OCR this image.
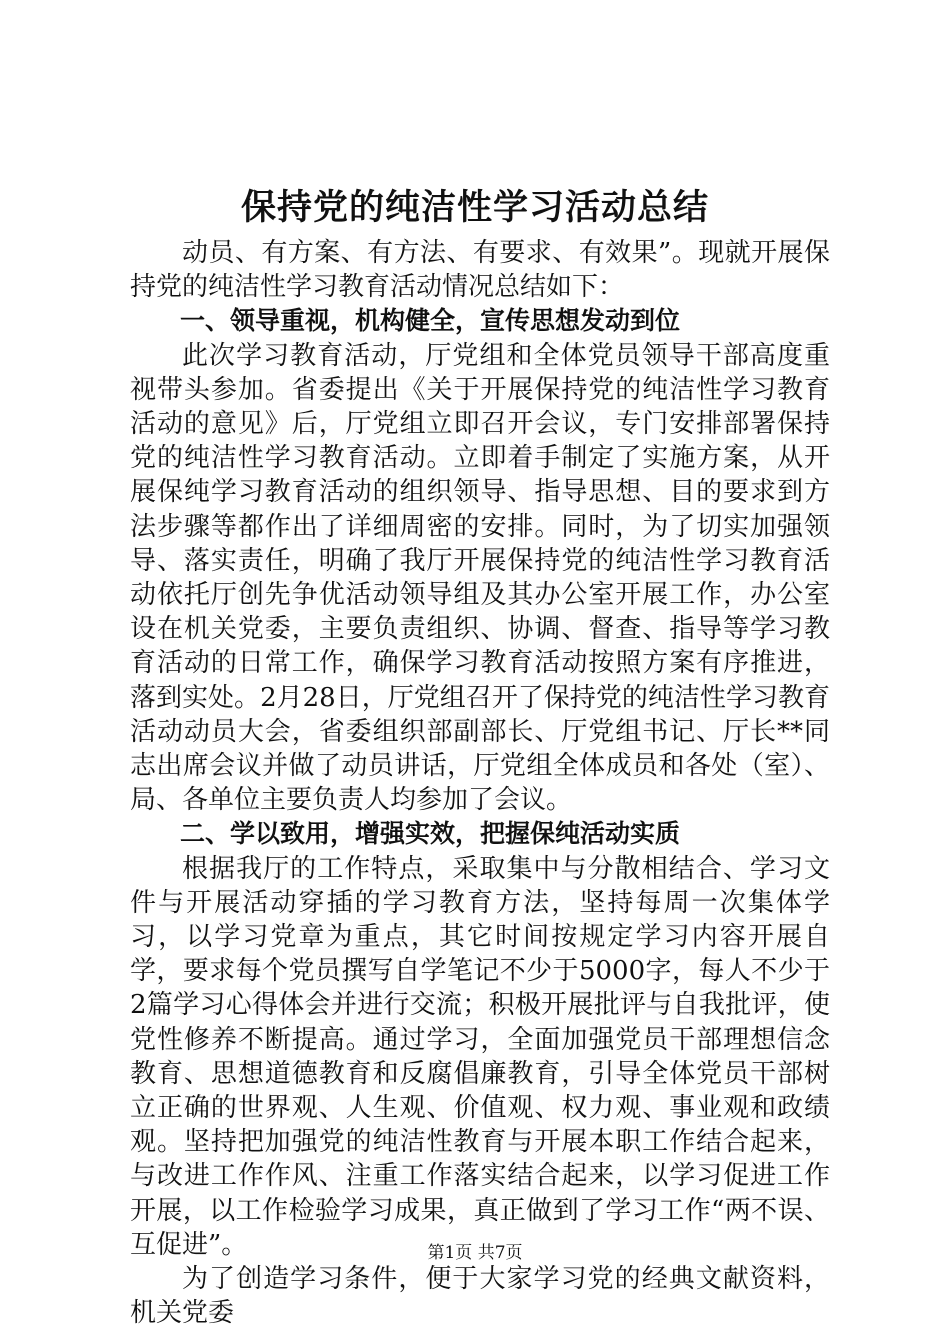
保持党的纯洁性学习活动总结

动员、有方案、有方法、有要求、有效果”。现就开展保持党的纯洁性学习教育活动情况总结如下：

一、领导重视，机构健全，宣传思想发动到位

此次学习教育活动，厅党组和全体党员领导干部高度重视带头参加。省委提出《关于开展保持党的纯洁性学习教育活动的意见》后，厅党组立即召开会议，专门安排部署保持党的纯洁性学习教育活动。立即着手制定了实施方案，从开展保纯学习教育活动的组织领导、指导思想、目的要求到方法步骤等都作出了详细周密的安排。同时，为了切实加强领导、落实责任，明确了我厅开展保持党的纯洁性学习教育活动依托厅创先争优活动领导组及其办公室开展工作，办公室设在机关党委，主要负责组织、协调、督查、指导等学习教育活动的日常工作，确保学习教育活动按照方案有序推进，落到实处。2月28日，厅党组召开了保持党的纯洁性学习教育活动动员大会，省委组织部副部长、厅党组书记、厅长**同志出席会议并做了动员讲话，厅党组全体成员和各处（室）、局、各单位主要负责人均参加了会议。

二、学以致用，增强实效，把握保纯活动实质

根据我厅的工作特点，采取集中与分散相结合、学习文件与开展活动穿插的学习教育方法，坚持每周一次集体学习，以学习党章为重点，其它时间按规定学习内容开展自学，要求每个党员撰写自学笔记不少于5000字，每人不少于2篇学习心得体会并进行交流；积极开展批评与自我批评，使党性修养不断提高。通过学习，全面加强党员干部理想信念教育、思想道德教育和反腐倡廉教育，引导全体党员干部树立正确的世界观、人生观、价值观、权力观、事业观和政绩观。坚持把加强党的纯洁性教育与开展本职工作结合起来，与改进工作作风、注重工作落实结合起来，以学习促进工作开展，以工作检验学习成果，真正做到了学习工作“两不误、互促进”。

为了创造学习条件，便于大家学习党的经典文献资料，机关党委

第1页 共7页
